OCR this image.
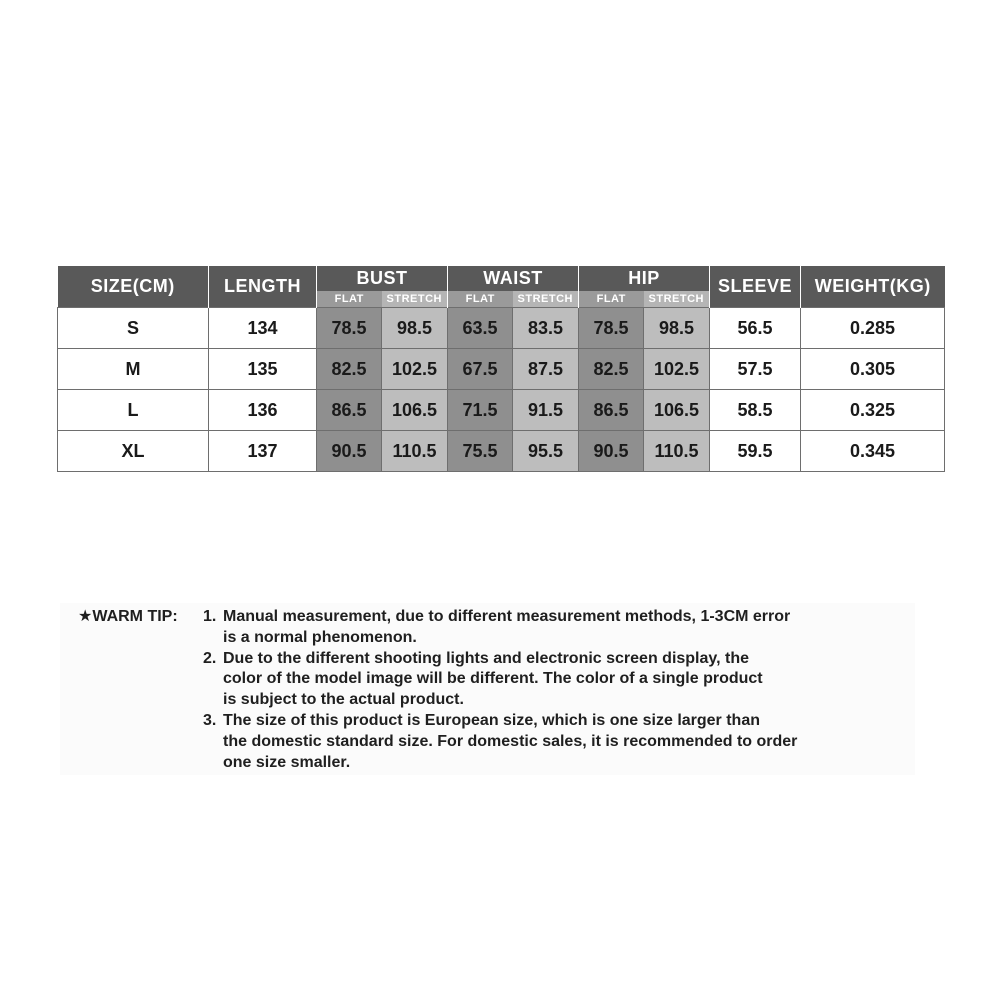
SIZE(CM)	LENGTH	BUST		WAIST		HIP		SLEEVE	WEIGHT(KG)
		FLAT	STRETCH	FLAT	STRETCH	FLAT	STRETCH		
S	134	78.5	98.5	63.5	83.5	78.5	98.5	56.5	0.285
M	135	82.5	102.5	67.5	87.5	82.5	102.5	57.5	0.305
L	136	86.5	106.5	71.5	91.5	86.5	106.5	58.5	0.325
XL	137	90.5	110.5	75.5	95.5	90.5	110.5	59.5	0.345
★WARM TIP: 1. Manual measurement, due to different measurement methods, 1-3CM error
is a normal phenomenon.
2. Due to the different shooting lights and electronic screen display, the
color of the model image will be different. The color of a single product
is subject to the actual product.
3. The size of this product is European size, which is one size larger than
the domestic standard size. For domestic sales, it is recommended to order
one size smaller.
